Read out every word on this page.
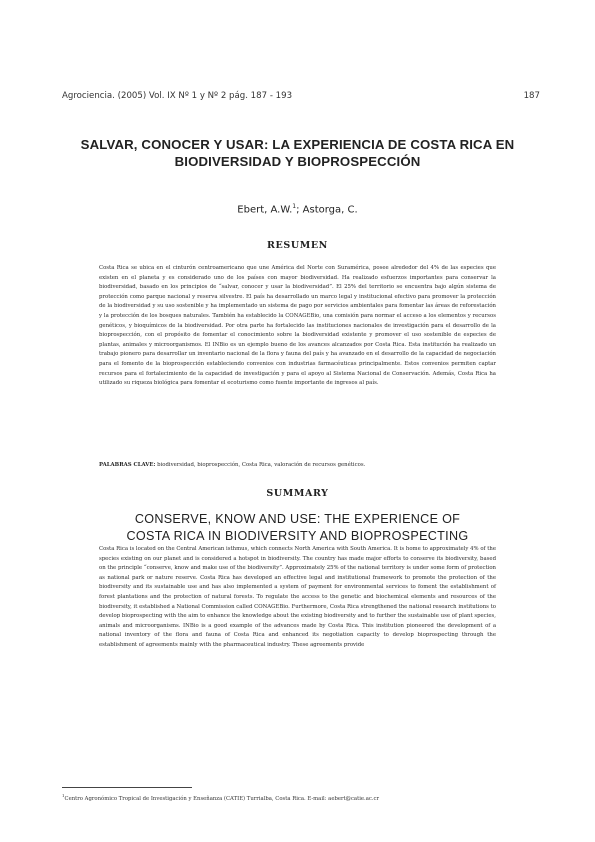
Agrociencia. (2005) Vol. IX Nº 1 y Nº 2 pág. 187 - 193	187
SALVAR, CONOCER Y USAR: LA EXPERIENCIA DE COSTA RICA EN
BIODIVERSIDAD Y BIOPROSPECCIÓN
Ebert, A.W.$^1$; Astorga, C.
RESUMEN

Costa Rica se ubica en el cinturón centroamericano que une América del Norte con Suramérica, posee alrededor del 4% de las especies que existen en el planeta y es considerado uno de los países con mayor biodiversidad. Ha realizado esfuerzos importantes para conservar la biodiversidad, basado en los principios de “salvar, conocer y usar la biodiversidad”. El 25% del territorio se encuentra bajo algún sistema de protección como parque nacional y reserva silvestre. El país ha desarrollado un marco legal y institucional efectivo para promover la protección de la biodiversidad y su uso sostenible y ha implementado un sistema de pago por servicios ambientales para fomentar las áreas de reforestación y la protección de los bosques naturales. También ha establecido la CONAGEBio, una comisión para normar el acceso a los elementos y recursos genéticos, y bioquímicos de la biodiversidad. Por otra parte ha fortalecido las instituciones nacionales de investigación para el desarrollo de la bioprospección, con el propósito de fomentar el conocimiento sobre la biodiversidad existente y promover el uso sostenible de especies de plantas, animales y microorganismos. El INBio es un ejemplo bueno de los avances alcanzados por Costa Rica. Esta institución ha realizado un trabajo pionero para desarrollar un inventario nacional de la flora y fauna del país y ha avanzado en el desarrollo de la capacidad de negociación para el fomento de la bioprospección estableciendo convenios con industrias farmacéuticas principalmente. Estos convenios permiten captar recursos para el fortalecimiento de la capacidad de investigación y para el apoyo al Sistema Nacional de Conservación. Además, Costa Rica ha utilizado su riqueza biológica para fomentar el ecoturismo como fuente importante de ingresos al país.

PALABRAS CLAVE: biodiversidad, bioprospección, Costa Rica, valoración de recursos genéticos.
SUMMARY
CONSERVE, KNOW AND USE: THE EXPERIENCE OF
COSTA RICA IN BIODIVERSITY AND BIOPROSPECTING

Costa Rica is located on the Central American isthmus, which connects North America with South America. It is home to approximately 4% of the species existing on our planet and is considered a hotspot in biodiversity. The country has made major efforts to conserve its biodiversity, based on the principle “conserve, know and make use of the biodiversity”. Approximately 25% of the national territory is under some form of protection as national park or nature reserve. Costa Rica has developed an effective legal and institutional framework to promote the protection of the biodiversity and its sustainable use and has also implemented a system of payment for environmental services to foment the establishment of forest plantations and the protection of natural forests. To regulate the access to the genetic and biochemical elements and resources of the biodiversity, it established a National Commission called CONAGEBio. Furthermore, Costa Rica strengthened the national research institutions to develop bioprospecting with the aim to enhance the knowledge about the existing biodiversity and to further the sustainable use of plant species, animals and microorganisms. INBio is a good example of the advances made by Costa Rica. This institution pioneered the development of a national inventory of the flora and fauna of Costa Rica and enhanced its negotiation capacity to develop bioprospecting through the establishment of agreements mainly with the pharmaceutical industry. These agreements provide

$^1$Centro Agronómico Tropical de Investigación y Enseñanza (CATIE) Turrialba, Costa Rica. E-mail: aebert@catie.ac.cr
